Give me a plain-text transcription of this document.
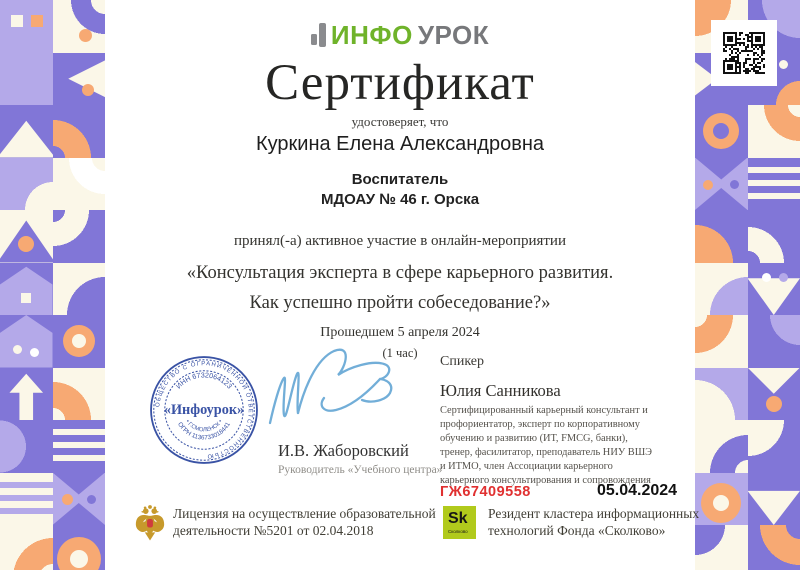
ИНФО УРОК
Сертификат
удостоверяет, что
Куркина Елена Александровна
Воспитатель
МДОАУ № 46 г. Орска
принял(-а) активное участие в онлайн-мероприятии
«Консультация эксперта в сфере карьерного развития.
Как успешно пройти собеседование?»
Прошедшем 5 апреля 2024
(1 час)
ОБЩЕСТВО С ОГРАНИЧЕННОЙ ОТВЕТСТВЕННОСТЬЮ
ИНН 6732064123
ОГРН 1136733018441
• Г.СМОЛЕНСК •
«Инфоурок»
И.В. Жаборовский
Руководитель «Учебного центра»
Спикер
Юлия Санникова
Сертифицированный карьерный консультант и профориентатор, эксперт по корпоративному обучению и развитию (ИТ, FMCG, банки), тренер, фасилитатор, преподаватель НИУ ВШЭ и ИТМО, член Ассоциации карьерного карьерного консультирования и сопровождения
ГЖ67409558	05.04.2024
Лицензия на осуществление образовательной
деятельности №5201 от 02.04.2018
Sk
Сколково
Резидент кластера информационных
технологий Фонда «Сколково»
